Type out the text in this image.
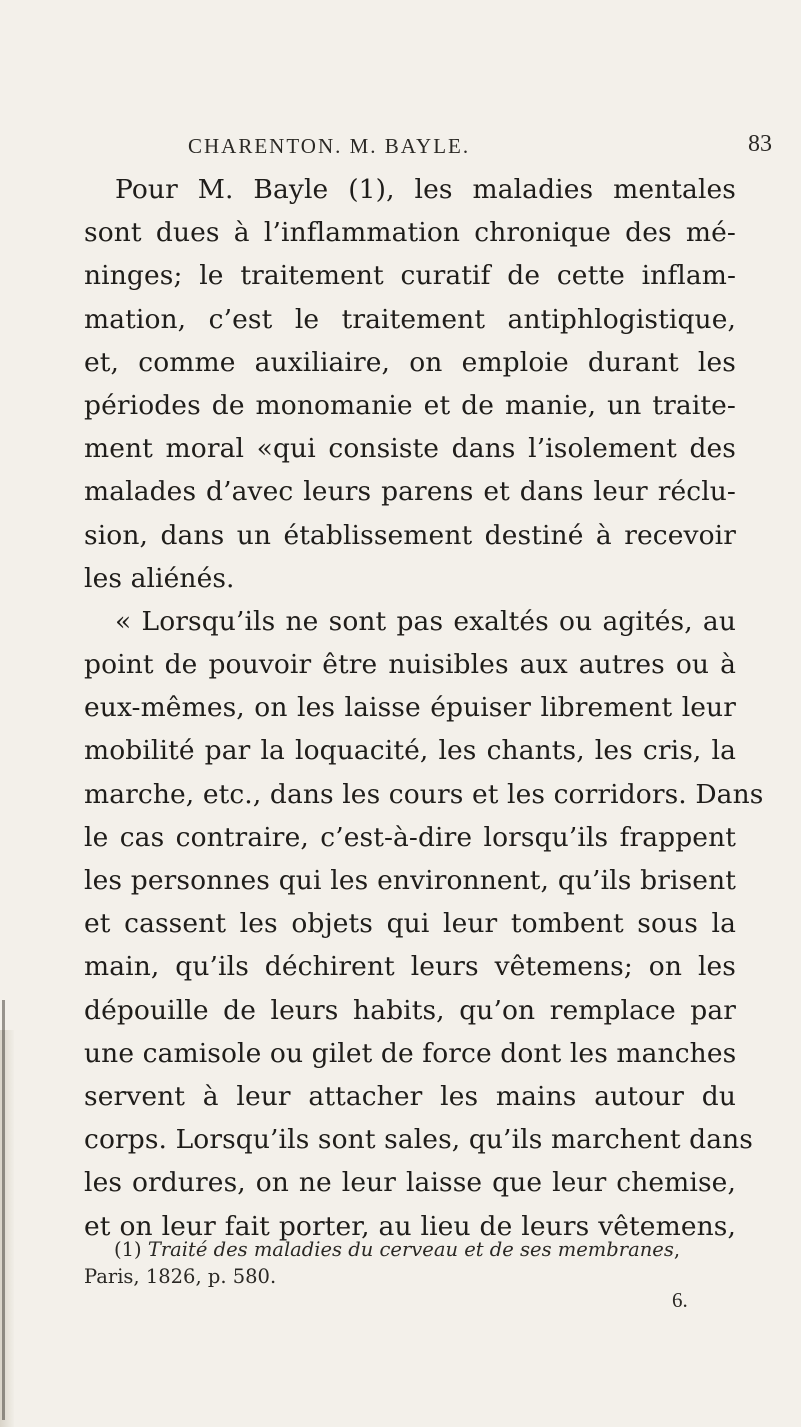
CHARENTON. M. BAYLE.	83
Pour M. Bayle (1), les maladies mentales
sont dues à l’inflammation chronique des mé-
ninges; le traitement curatif de cette inflam-
mation, c’est le traitement antiphlogistique,
et, comme auxiliaire, on emploie durant les
périodes de monomanie et de manie, un traite-
ment moral «qui consiste dans l’isolement des
malades d’avec leurs parens et dans leur réclu-
sion, dans un établissement destiné à recevoir
les aliénés.
« Lorsqu’ils ne sont pas exaltés ou agités, au
point de pouvoir être nuisibles aux autres ou à
eux-mêmes, on les laisse épuiser librement leur
mobilité par la loquacité, les chants, les cris, la
marche, etc., dans les cours et les corridors. Dans
le cas contraire, c’est-à-dire lorsqu’ils frappent
les personnes qui les environnent, qu’ils brisent
et cassent les objets qui leur tombent sous la
main, qu’ils déchirent leurs vêtemens; on les
dépouille de leurs habits, qu’on remplace par
une camisole ou gilet de force dont les manches
servent à leur attacher les mains autour du
corps. Lorsqu’ils sont sales, qu’ils marchent dans
les ordures, on ne leur laisse que leur chemise,
et on leur fait porter, au lieu de leurs vêtemens,
(1) Traité des maladies du cerveau et de ses membranes,
Paris, 1826, p. 580.
6.
